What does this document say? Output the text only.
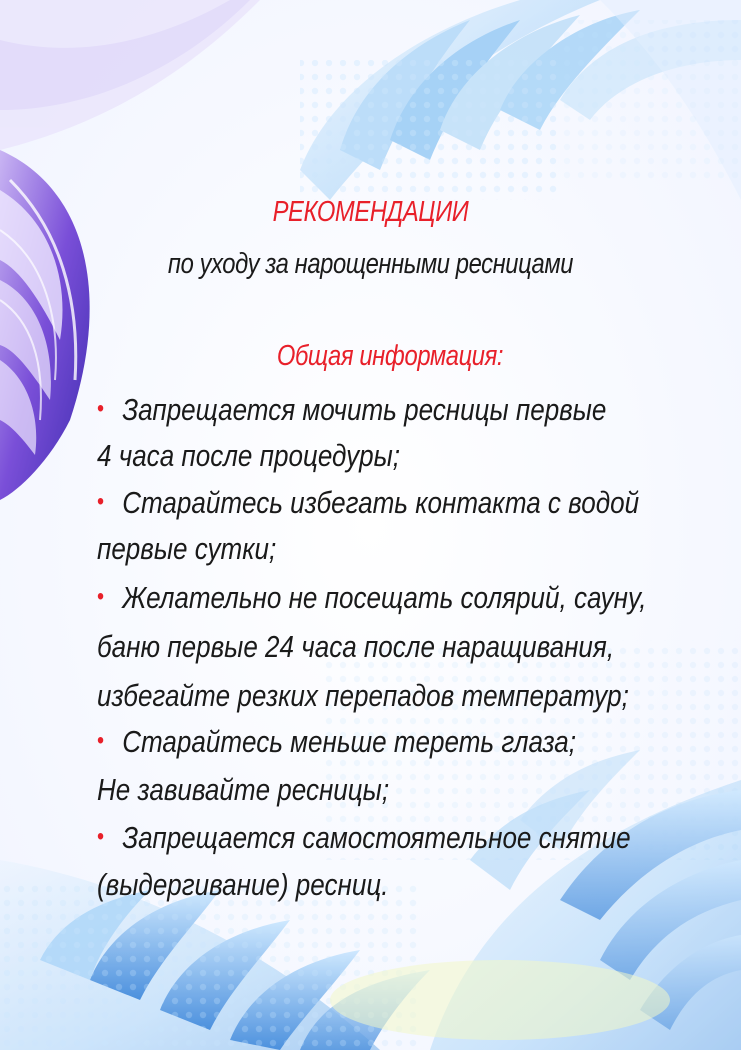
РЕКОМЕНДАЦИИ
по уходу за нарощенными ресницами
Общая информация:
• Запрещается мочить ресницы первые
4 часа после процедуры;
• Старайтесь избегать контакта с водой
первые сутки;
• Желательно не посещать солярий, сауну,
баню первые 24 часа после наращивания,
избегайте резких перепадов температур;
• Старайтесь меньше тереть глаза;
Не завивайте ресницы;
• Запрещается самостоятельное снятие
(выдергивание) ресниц.
